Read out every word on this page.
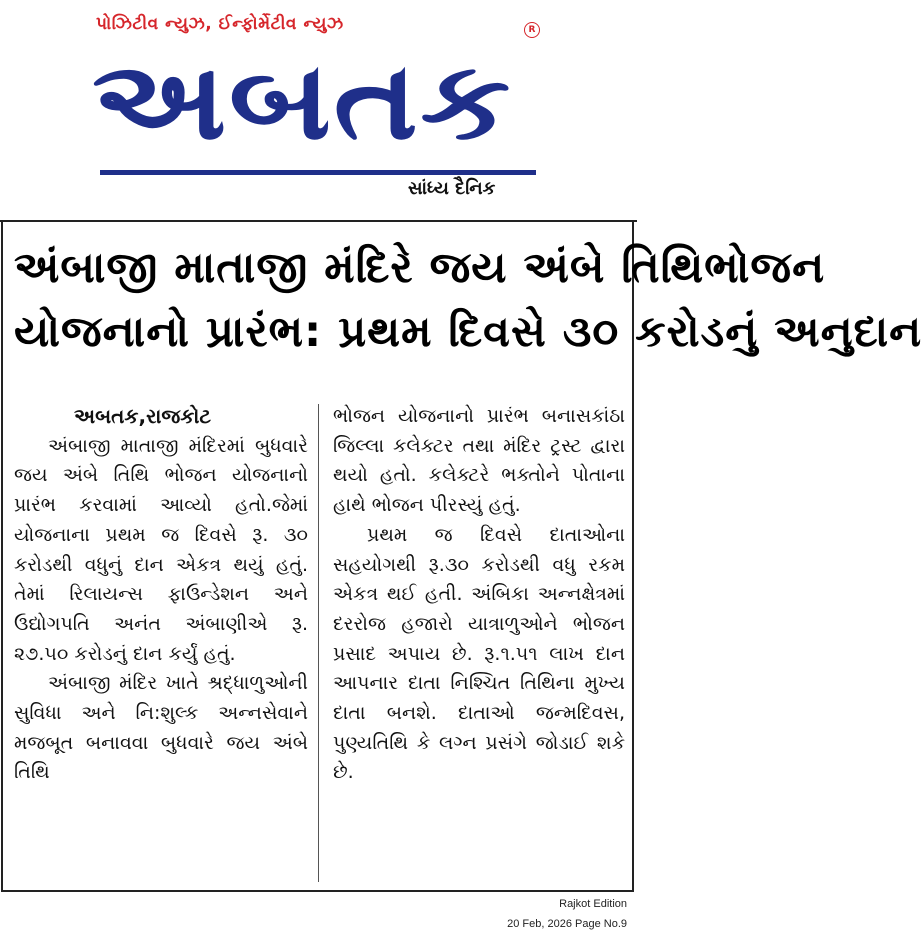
પોઝિટીવ ન્યુઝ, ઈન્ફોર્મેટીવ ન્યુઝ	R
અબતક
સાંધ્ય દૈનિક
અંબાજી માતાજી મંદિરે જય અંબે તિથિભોજન
યોજનાનો પ્રારંભ: પ્રથમ દિવસે ૩૦ કરોડનું અનુદાન
અબતક,રાજકોટ

અંબાજી માતાજી મંદિરમાં બુધવારે જય અંબે તિથિ ભોજન યોજનાનો પ્રારંભ કરવામાં આવ્યો હતો.જેમાં યોજનાના પ્રથમ જ દિવસે રૂ. ૩૦ કરોડથી વધુનું દાન એકત્ર થયું હતું. તેમાં રિલાયન્સ ફાઉન્ડેશન અને ઉદ્યોગપતિ અનંત અંબાણીએ રૂ. ૨૭.૫૦ કરોડનું દાન કર્યું હતું.

અંબાજી મંદિર ખાતે શ્રદ્ધાળુઓની સુવિધા અને નિ:શુલ્ક અન્નસેવાને મજબૂત બનાવવા બુધવારે જય અંબે તિથિ

ભોજન યોજનાનો પ્રારંભ બનાસકાંઠા જિલ્લા કલેક્ટર તથા મંદિર ટ્રસ્ટ દ્વારા થયો હતો. કલેક્ટરે ભક્તોને પોતાના હાથે ભોજન પીરસ્યું હતું.

પ્રથમ જ દિવસે દાતાઓના સહયોગથી રૂ.૩૦ કરોડથી વધુ રકમ એકત્ર થઈ હતી. અંબિકા અન્નક્ષેત્રમાં દરરોજ હજારો યાત્રાળુઓને ભોજન પ્રસાદ અપાય છે. રૂ.૧.૫૧ લાખ દાન આપનાર દાતા નિશ્ચિત તિથિના મુખ્ય દાતા બનશે. દાતાઓ જન્મદિવસ, પુણ્યતિથિ કે લગ્ન પ્રસંગે જોડાઈ શકે છે.

Rajkot Edition
20 Feb, 2026 Page No.9
